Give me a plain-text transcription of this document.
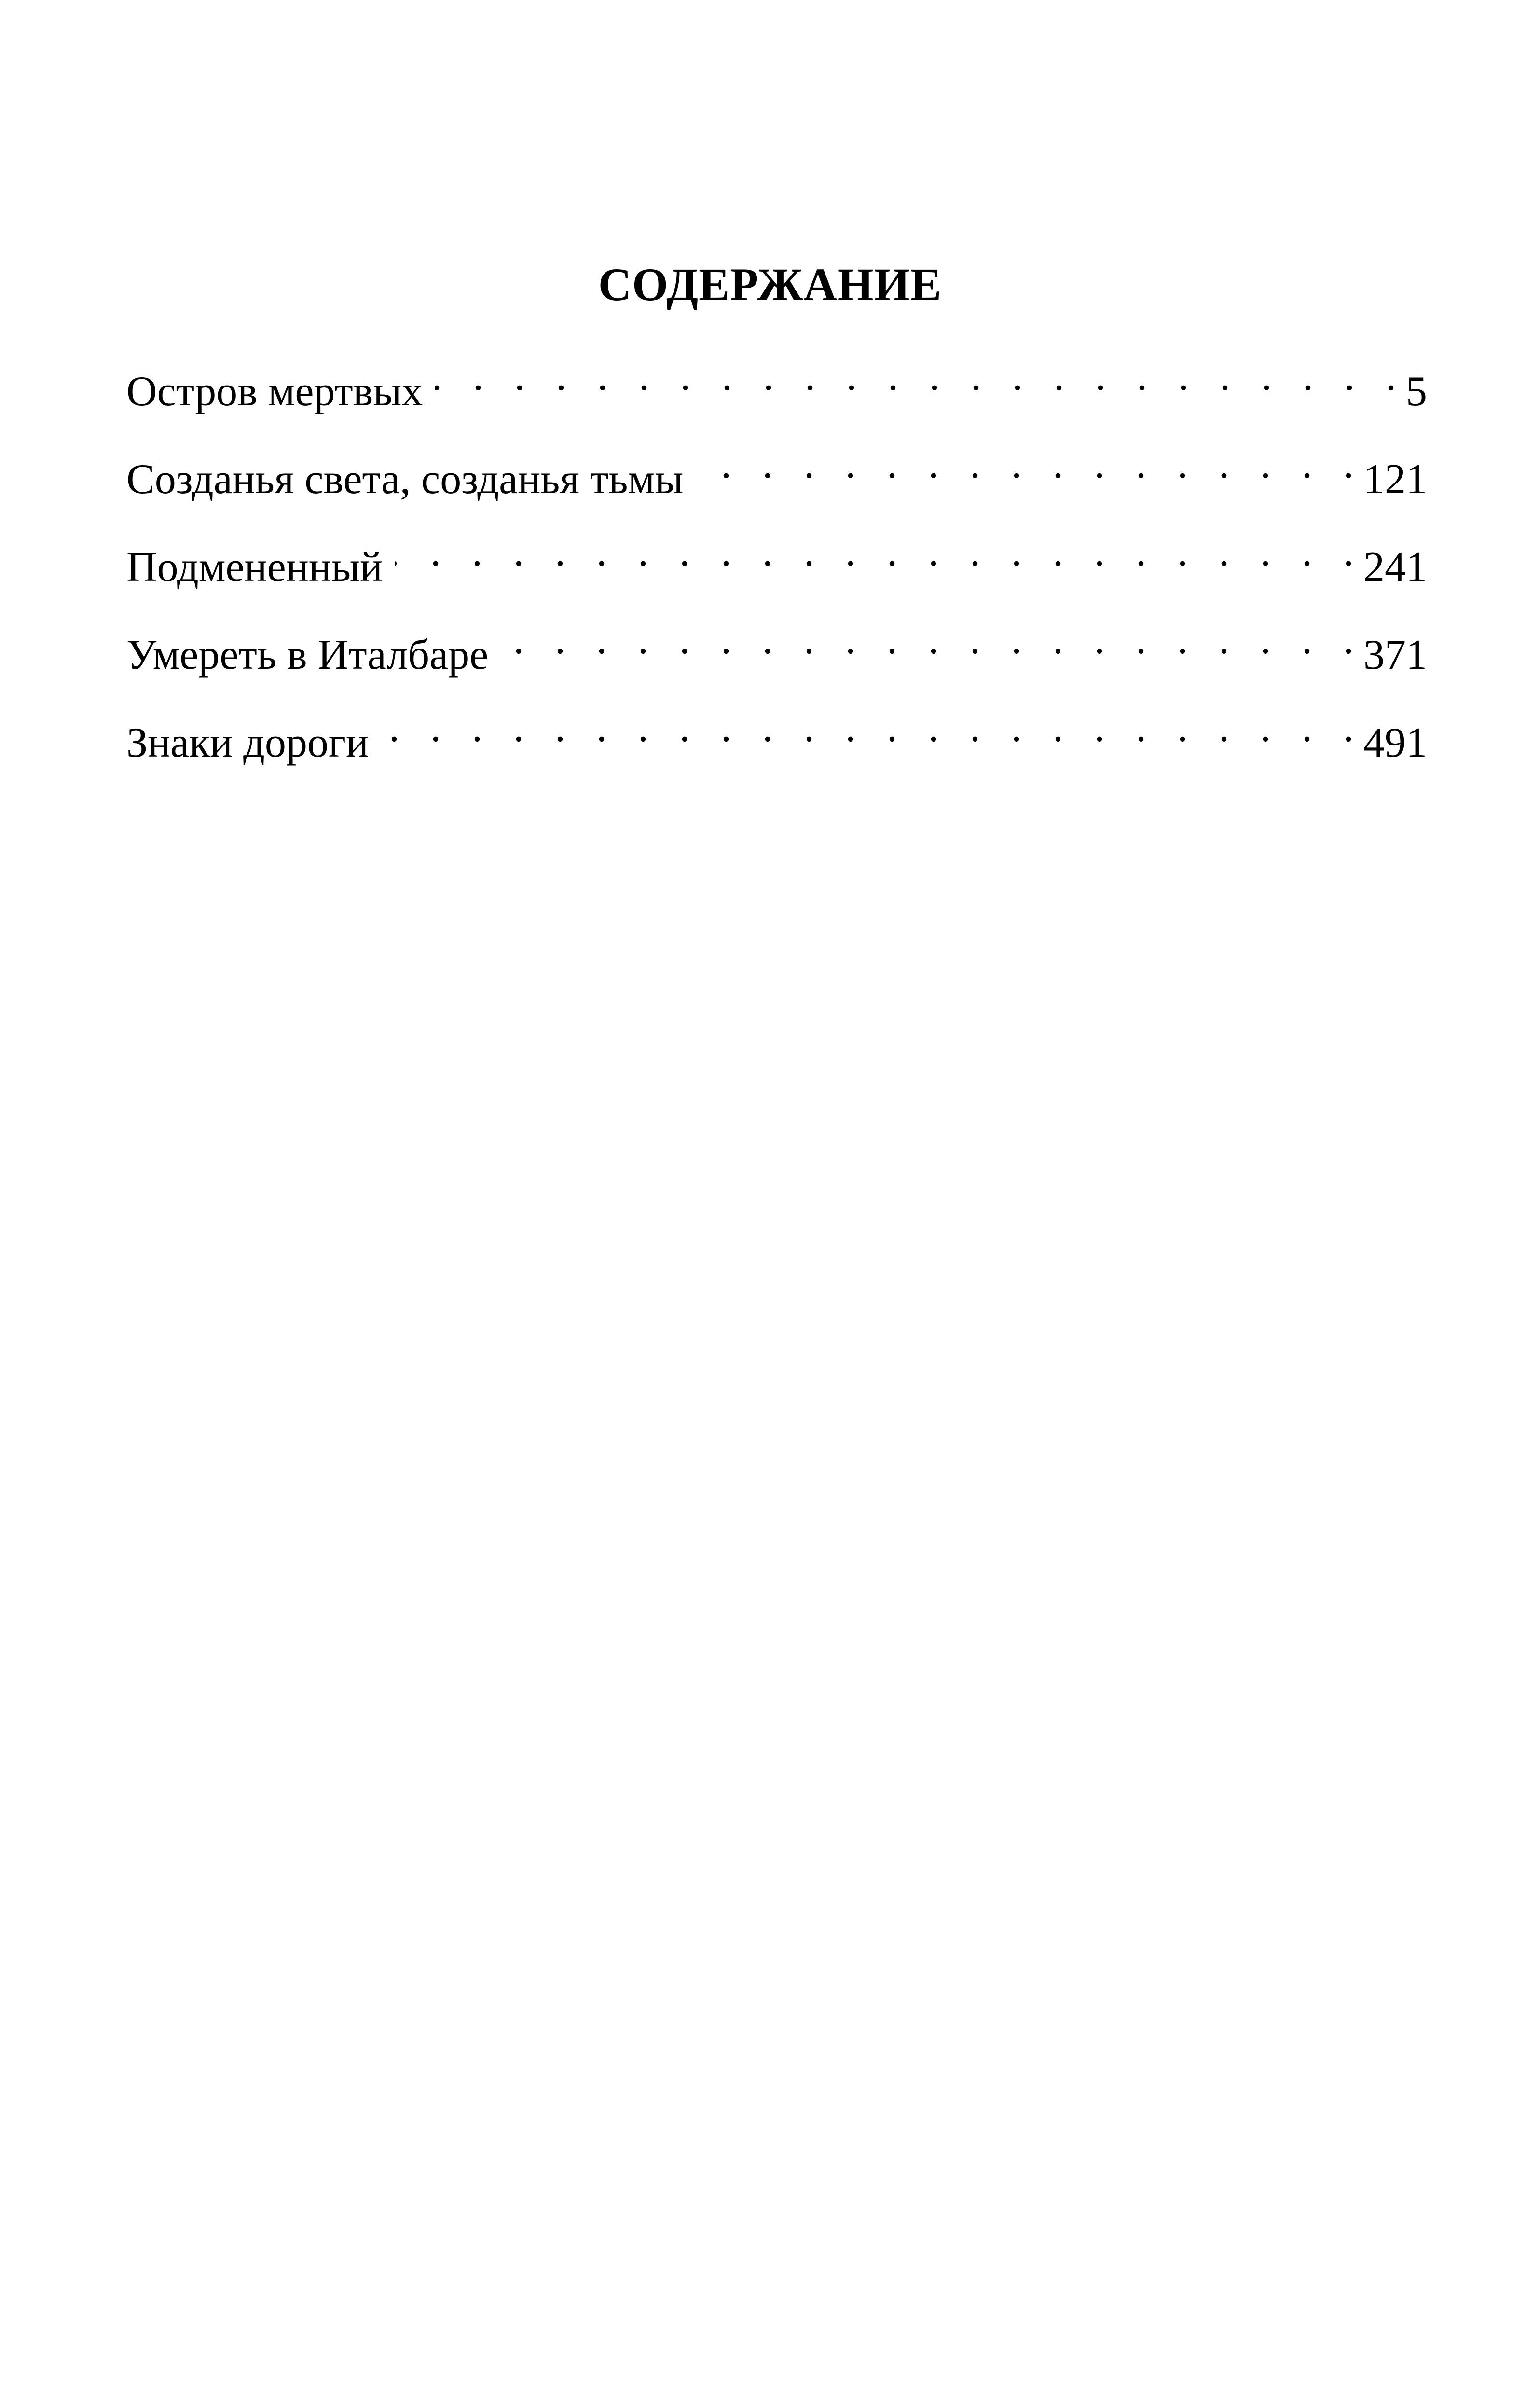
СОДЕРЖАНИЕ
Остров мертвых . . .	5
Созданья света, созданья тьмы . . .	121
Подмененный . . .	241
Умереть в Италбаре . . .	371
Знаки дороги . . .	491
